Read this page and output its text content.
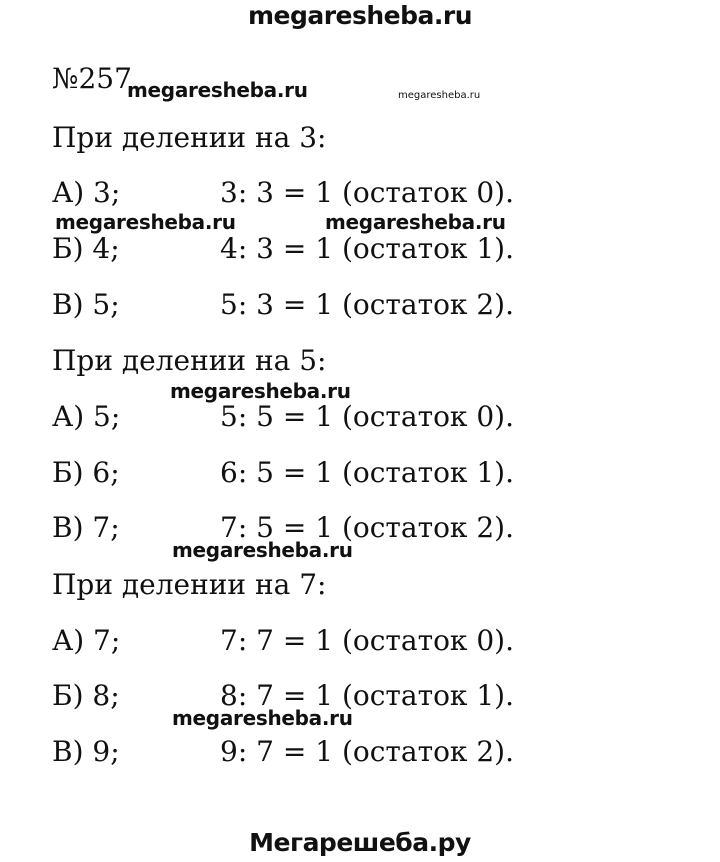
megaresheba.ru
№257
При делении на 3:
А) 3;	3: 3 = 1 (остаток 0).
Б) 4;	4: 3 = 1 (остаток 1).
В) 5;	5: 3 = 1 (остаток 2).
При делении на 5:
А) 5;	5: 5 = 1 (остаток 0).
Б) 6;	6: 5 = 1 (остаток 1).
В) 7;	7: 5 = 1 (остаток 2).
При делении на 7:
А) 7;	7: 7 = 1 (остаток 0).
Б) 8;	8: 7 = 1 (остаток 1).
В) 9;	9: 7 = 1 (остаток 2).
megaresheba.ru	megaresheba.ru
megaresheba.ru	megaresheba.ru
megaresheba.ru
megaresheba.ru
megaresheba.ru
Мегарешеба.ру
